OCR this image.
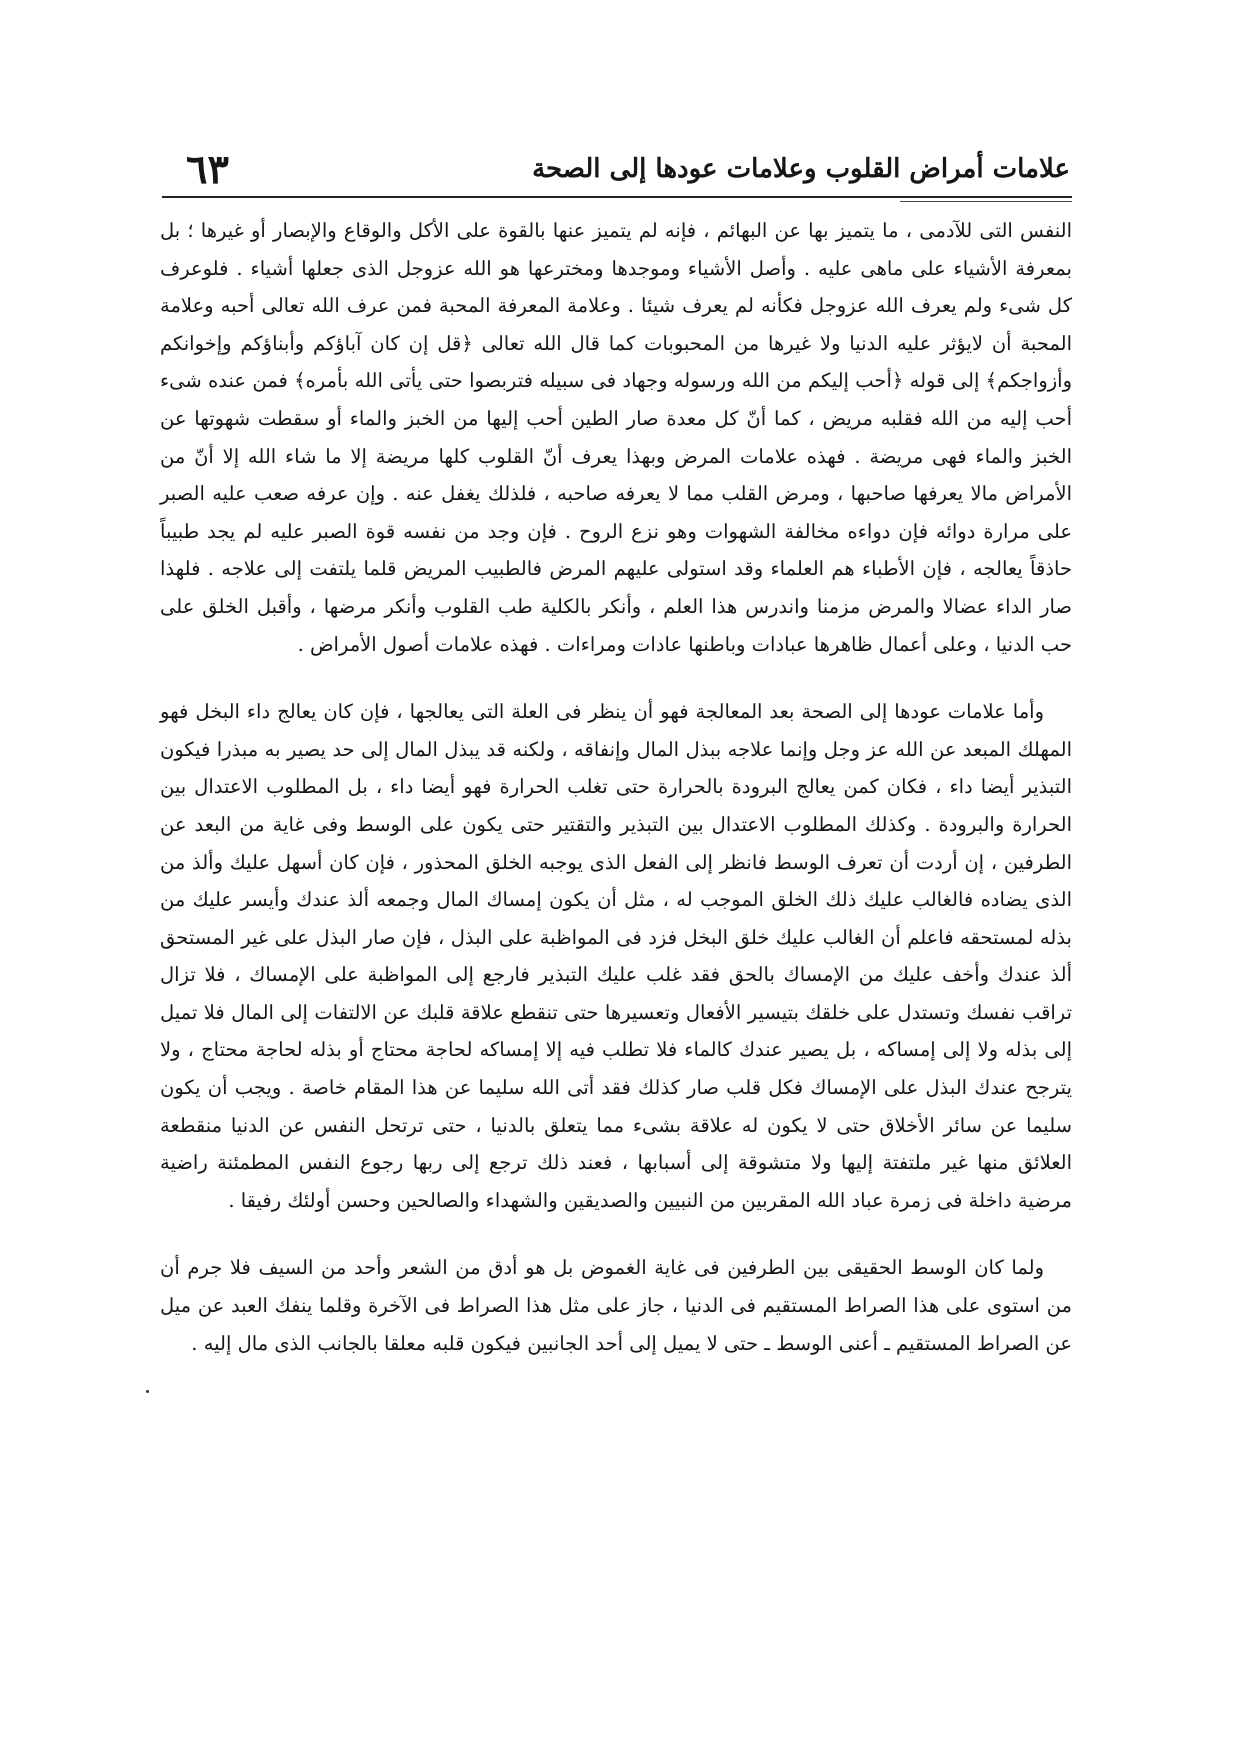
علامات أمراض القلوب وعلامات عودها إلى الصحة
٦٣

النفس التى للآدمى ، ما يتميز بها عن البهائم ، فإنه لم يتميز عنها بالقوة على الأكل والوقاع والإبصار أو غيرها ؛ بل بمعرفة الأشياء على ماهى عليه . وأصل الأشياء وموجدها ومخترعها هو الله عزوجل الذى جعلها أشياء . فلوعرف كل شىء ولم يعرف الله عزوجل فكأنه لم يعرف شيئا . وعلامة المعرفة المحبة فمن عرف الله تعالى أحبه وعلامة المحبة أن لايؤثر عليه الدنيا ولا غيرها من المحبوبات كما قال الله تعالى ﴿قل إن كان آباؤكم وأبناؤكم وإخوانكم وأزواجكم﴾ إلى قوله ﴿أحب إليكم من الله ورسوله وجهاد فى سبيله فتربصوا حتى يأتى الله بأمره﴾ فمن عنده شىء أحب إليه من الله فقلبه مريض ، كما أنّ كل معدة صار الطين أحب إليها من الخبز والماء أو سقطت شهوتها عن الخبز والماء فهى مريضة . فهذه علامات المرض وبهذا يعرف أنّ القلوب كلها مريضة إلا ما شاء الله إلا أنّ من الأمراض مالا يعرفها صاحبها ، ومرض القلب مما لا يعرفه صاحبه ، فلذلك يغفل عنه . وإن عرفه صعب عليه الصبر على مرارة دوائه فإن دواءه مخالفة الشهوات وهو نزع الروح . فإن وجد من نفسه قوة الصبر عليه لم يجد طبيباً حاذقاً يعالجه ، فإن الأطباء هم العلماء وقد استولى عليهم المرض فالطبيب المريض قلما يلتفت إلى علاجه . فلهذا صار الداء عضالا والمرض مزمنا واندرس هذا العلم ، وأنكر بالكلية طب القلوب وأنكر مرضها ، وأقبل الخلق على حب الدنيا ، وعلى أعمال ظاهرها عبادات وباطنها عادات ومراءات . فهذه علامات أصول الأمراض .

وأما علامات عودها إلى الصحة بعد المعالجة فهو أن ينظر فى العلة التى يعالجها ، فإن كان يعالج داء البخل فهو المهلك المبعد عن الله عز وجل وإنما علاجه ببذل المال وإنفاقه ، ولكنه قد يبذل المال إلى حد يصير به مبذرا فيكون التبذير أيضا داء ، فكان كمن يعالج البرودة بالحرارة حتى تغلب الحرارة فهو أيضا داء ، بل المطلوب الاعتدال بين الحرارة والبرودة . وكذلك المطلوب الاعتدال بين التبذير والتقتير حتى يكون على الوسط وفى غاية من البعد عن الطرفين ، إن أردت أن تعرف الوسط فانظر إلى الفعل الذى يوجبه الخلق المحذور ، فإن كان أسهل عليك وألذ من الذى يضاده فالغالب عليك ذلك الخلق الموجب له ، مثل أن يكون إمساك المال وجمعه ألذ عندك وأيسر عليك من بذله لمستحقه فاعلم أن الغالب عليك خلق البخل فزد فى المواظبة على البذل ، فإن صار البذل على غير المستحق ألذ عندك وأخف عليك من الإمساك بالحق فقد غلب عليك التبذير فارجع إلى المواظبة على الإمساك ، فلا تزال تراقب نفسك وتستدل على خلقك بتيسير الأفعال وتعسيرها حتى تنقطع علاقة قلبك عن الالتفات إلى المال فلا تميل إلى بذله ولا إلى إمساكه ، بل يصير عندك كالماء فلا تطلب فيه إلا إمساكه لحاجة محتاج أو بذله لحاجة محتاج ، ولا يترجح عندك البذل على الإمساك فكل قلب صار كذلك فقد أتى الله سليما عن هذا المقام خاصة . ويجب أن يكون سليما عن سائر الأخلاق حتى لا يكون له علاقة بشىء مما يتعلق بالدنيا ، حتى ترتحل النفس عن الدنيا منقطعة العلائق منها غير ملتفتة إليها ولا متشوقة إلى أسبابها ، فعند ذلك ترجع إلى ربها رجوع النفس المطمئنة راضية مرضية داخلة فى زمرة عباد الله المقربين من النبيين والصديقين والشهداء والصالحين وحسن أولئك رفيقا .

ولما كان الوسط الحقيقى بين الطرفين فى غاية الغموض بل هو أدق من الشعر وأحد من السيف فلا جرم أن من استوى على هذا الصراط المستقيم فى الدنيا ، جاز على مثل هذا الصراط فى الآخرة وقلما ينفك العبد عن ميل عن الصراط المستقيم ـ أعنى الوسط ـ حتى لا يميل إلى أحد الجانبين فيكون قلبه معلقا بالجانب الذى مال إليه .
